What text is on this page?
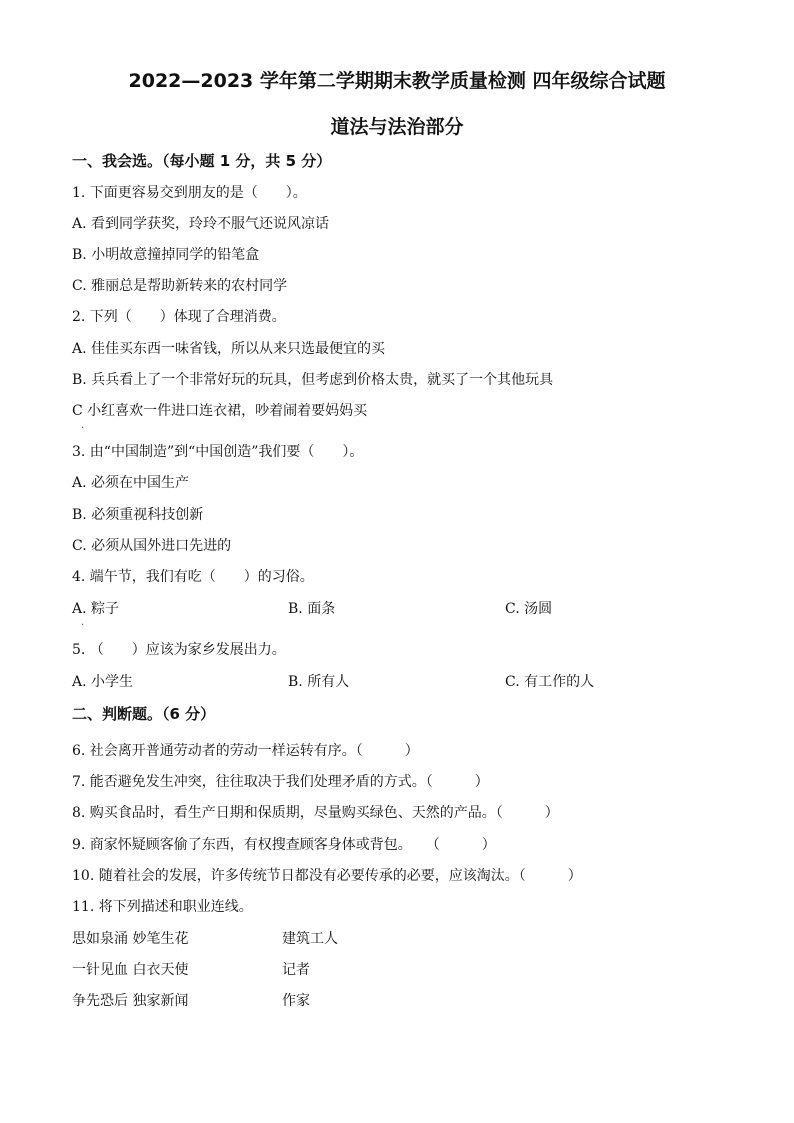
2022—2023 学年第二学期期末教学质量检测 四年级综合试题
道法与法治部分
一、我会选。（每小题 1 分，共 5 分）
1. 下面更容易交到朋友的是（　　）。
A. 看到同学获奖，玲玲不服气还说风凉话
B. 小明故意撞掉同学的铅笔盒
C. 雅丽总是帮助新转来的农村同学
2. 下列（　　）体现了合理消费。
A. 佳佳买东西一味省钱，所以从来只选最便宜的买
B. 兵兵看上了一个非常好玩的玩具，但考虑到价格太贵，就买了一个其他玩具
C 小红喜欢一件进口连衣裙，吵着闹着要妈妈买
.
3. 由“中国制造”到“中国创造”我们要（　　）。
A. 必须在中国生产
B. 必须重视科技创新
C. 必须从国外进口先进的
4. 端午节，我们有吃（　　）的习俗。
A. 粽子	B. 面条	C. 汤圆
.
5. （　　）应该为家乡发展出力。
A. 小学生	B. 所有人	C. 有工作的人
二、判断题。（6 分）
6. 社会离开普通劳动者的劳动一样运转有序。（　　　）
7. 能否避免发生冲突，往往取决于我们处理矛盾的方式。（　　　）
8. 购买食品时，看生产日期和保质期，尽量购买绿色、天然的产品。（　　　）
9. 商家怀疑顾客偷了东西，有权搜查顾客身体或背包。　　（　　　）
10. 随着社会的发展，许多传统节日都没有必要传承的必要，应该淘汰。（　　　）
11. 将下列描述和职业连线。
思如泉涌 妙笔生花	建筑工人
一针见血 白衣天使	记者
争先恐后 独家新闻	作家
